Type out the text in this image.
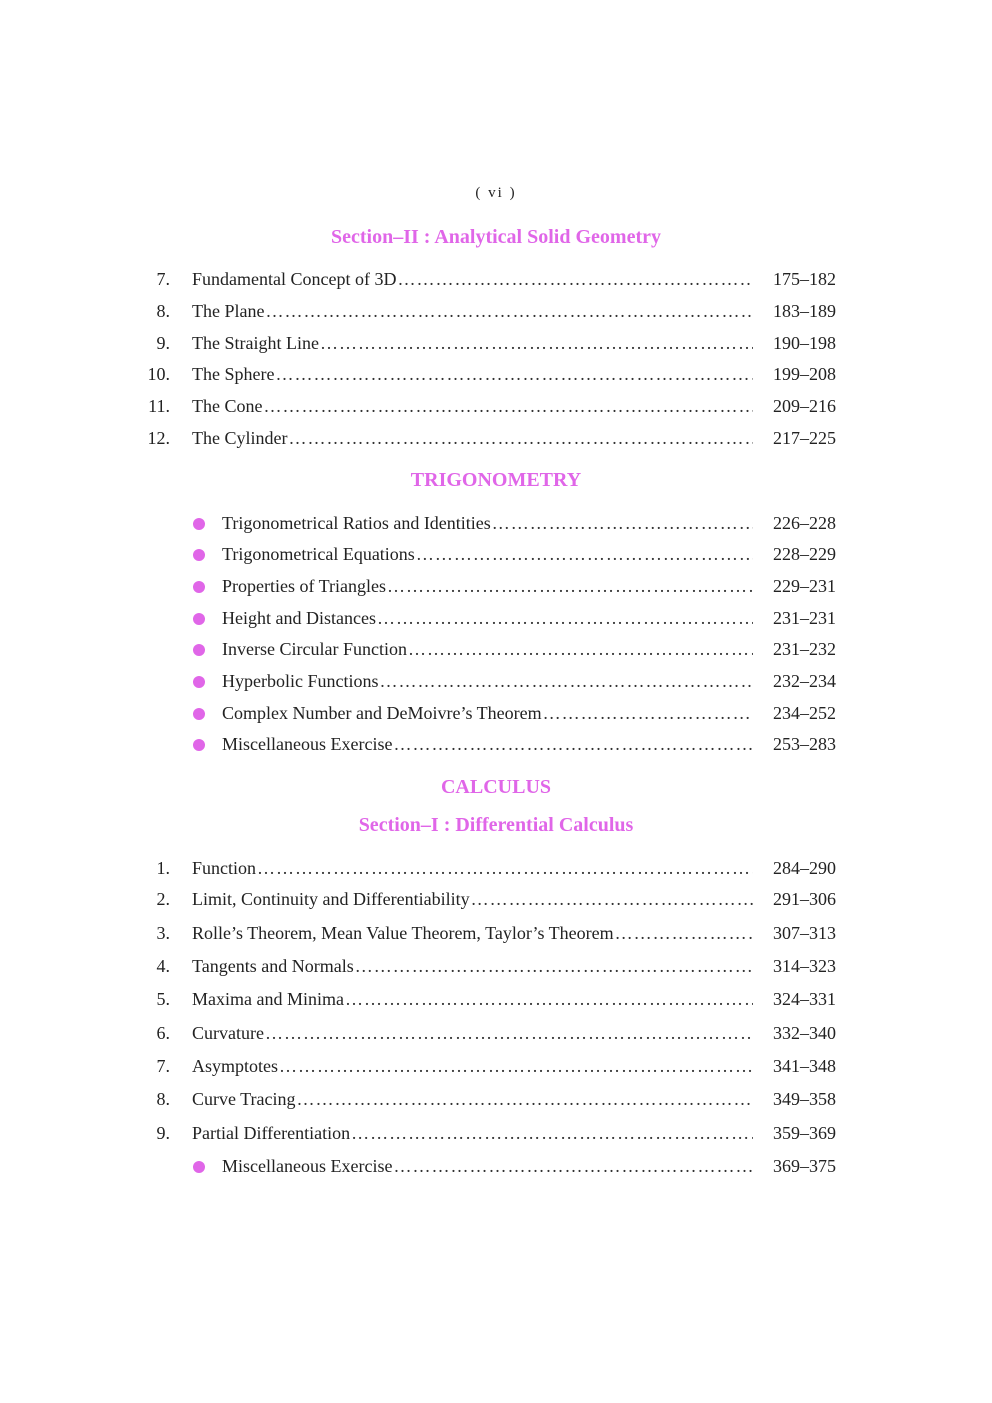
( vi )
Section–II : Analytical Solid Geometry
7. Fundamental Concept of 3D ………………………………………………………………………………………………………………	175–182
8. The Plane ………………………………………………………………………………………………………………	183–189
9. The Straight Line ………………………………………………………………………………………………………………	190–198
10. The Sphere ………………………………………………………………………………………………………………	199–208
11. The Cone ………………………………………………………………………………………………………………	209–216
12. The Cylinder ………………………………………………………………………………………………………………	217–225
TRIGONOMETRY
Trigonometrical Ratios and Identities ………………………………………………………………………………………………………………	226–228
Trigonometrical Equations ………………………………………………………………………………………………………………	228–229
Properties of Triangles ………………………………………………………………………………………………………………	229–231
Height and Distances ………………………………………………………………………………………………………………	231–231
Inverse Circular Function ………………………………………………………………………………………………………………	231–232
Hyperbolic Functions ………………………………………………………………………………………………………………	232–234
Complex Number and DeMoivre’s Theorem ………………………………………………………………………………………………………………	234–252
Miscellaneous Exercise ………………………………………………………………………………………………………………	253–283
CALCULUS
Section–I : Differential Calculus
1. Function ………………………………………………………………………………………………………………	284–290
2. Limit, Continuity and Differentiability ………………………………………………………………………………………………………………	291–306
3. Rolle’s Theorem, Mean Value Theorem, Taylor’s Theorem ………………………………………………………………………………………………………………	307–313
4. Tangents and Normals ………………………………………………………………………………………………………………	314–323
5. Maxima and Minima ………………………………………………………………………………………………………………	324–331
6. Curvature ………………………………………………………………………………………………………………	332–340
7. Asymptotes ………………………………………………………………………………………………………………	341–348
8. Curve Tracing ………………………………………………………………………………………………………………	349–358
9. Partial Differentiation ………………………………………………………………………………………………………………	359–369
Miscellaneous Exercise ………………………………………………………………………………………………………………	369–375
